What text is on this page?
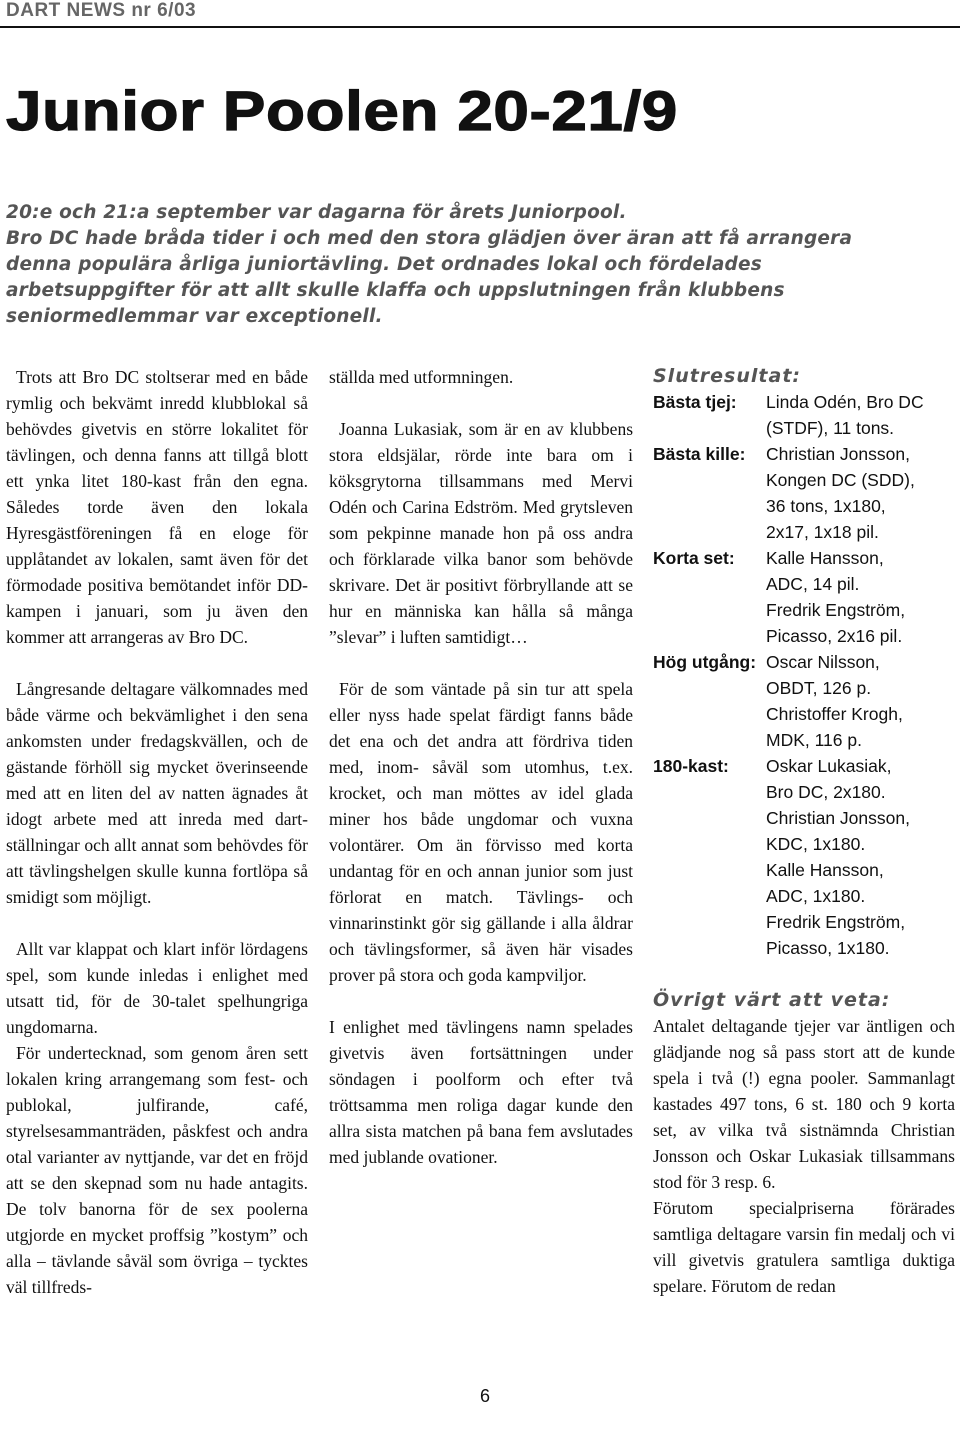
DART NEWS nr 6/03
Junior Poolen 20-21/9

20:e och 21:a september var dagarna för årets Juniorpool.

Bro DC hade bråda tider i och med den stora glädjen över äran att få arrangera

denna populära årliga juniortävling. Det ordnades lokal och fördelades

arbetsuppgifter för att allt skulle klaffa och uppslutningen från klubbens

seniormedlemmar var exceptionell.

Trots att Bro DC stoltserar med en både rymlig och bekvämt inredd klubblokal så behövdes givetvis en större lokalitet för tävlingen, och denna fanns att tillgå blott ett ynka litet 180-kast från den egna. Således torde även den lokala Hyresgästföreningen få en eloge för upplåtandet av lokalen, samt även för det förmodade positiva bemötandet inför DD-kampen i januari, som ju även den kommer att arrangeras av Bro DC.

Långresande deltagare välkomnades med både värme och bekvämlighet i den sena ankomsten under fredagskvällen, och de gästande förhöll sig mycket överinseende med att en liten del av natten ägnades åt idogt arbete med att inreda med dart-ställningar och allt annat som behövdes för att tävlingshelgen skulle kunna fortlöpa så smidigt som möjligt.

Allt var klappat och klart inför lördagens spel, som kunde inledas i enlighet med utsatt tid, för de 30-talet spelhungriga ungdomarna.

För undertecknad, som genom åren sett lokalen kring arrangemang som fest- och publokal, julfirande, café, styrelsesammanträden, påskfest och andra otal varianter av nyttjande, var det en fröjd att se den skepnad som nu hade antagits. De tolv banorna för de sex poolerna utgjorde en mycket proffsig ”kostym” och alla – tävlande såväl som övriga – tycktes väl tillfreds-

ställda med utformningen.

Joanna Lukasiak, som är en av klubbens stora eldsjälar, rörde inte bara om i köksgrytorna tillsammans med Mervi Odén och Carina Edström. Med grytsleven som pekpinne manade hon på oss andra och förklarade vilka banor som behövde skrivare. Det är positivt förbryllande att se hur en människa kan hålla så många ”slevar” i luften samtidigt…

För de som väntade på sin tur att spela eller nyss hade spelat färdigt fanns både det ena och det andra att fördriva tiden med, inom- såväl som utomhus, t.ex. krocket, och man möttes av idel glada miner hos både ungdomar och vuxna volontärer. Om än förvisso med korta undantag för en och annan junior som just förlorat en match. Tävlings- och vinnarinstinkt gör sig gällande i alla åldrar och tävlingsformer, så även här visades prover på stora och goda kampviljor.

I enlighet med tävlingens namn spelades givetvis även fortsättningen under söndagen i poolform och efter två tröttsamma men roliga dagar kunde den allra sista matchen på bana fem avslutades med jublande ovationer.

Slutresultat:
Bästa tjej:	Linda Odén, Bro DC
(STDF), 11 tons.
Bästa kille:	Christian Jonsson,
Kongen DC (SDD),
36 tons, 1x180,
2x17, 1x18 pil.
Korta set:	Kalle Hansson,
ADC, 14 pil.
Fredrik Engström,
Picasso, 2x16 pil.
Hög utgång: Oscar Nilsson,
OBDT, 126 p.
Christoffer Krogh,
MDK, 116 p.
180-kast:	Oskar Lukasiak,
Bro DC, 2x180.
Christian Jonsson,
KDC, 1x180.
Kalle Hansson,
ADC, 1x180.
Fredrik Engström,
Picasso, 1x180.
Övrigt värt att veta:

Antalet deltagande tjejer var äntligen och glädjande nog så pass stort att de kunde spela i två (!) egna pooler. Sammanlagt kastades 497 tons, 6 st. 180 och 9 korta set, av vilka två sistnämnda Christian Jonsson och Oskar Lukasiak tillsammans stod för 3 resp. 6.

Förutom specialpriserna förärades samtliga deltagare varsin fin medalj och vi vill givetvis gratulera samtliga duktiga spelare. Förutom de redan

6
